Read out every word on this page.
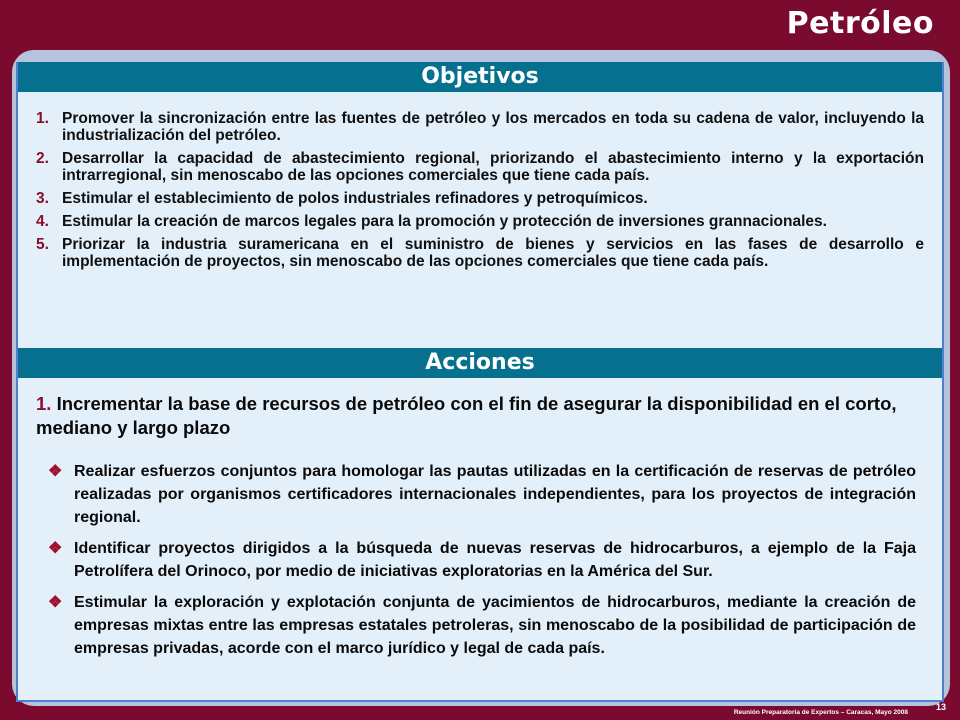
Petróleo
Objetivos
1. Promover la sincronización entre las fuentes de petróleo y los mercados en toda su cadena de valor, incluyendo la industrialización del petróleo.
2. Desarrollar la capacidad de abastecimiento regional, priorizando el abastecimiento interno y la exportación intrarregional, sin menoscabo de las opciones comerciales que tiene cada país.
3. Estimular el establecimiento de polos industriales refinadores y petroquímicos.
4. Estimular la creación de marcos legales para la promoción y protección de inversiones grannacionales.
5. Priorizar la industria suramericana en el suministro de bienes y servicios en las fases de desarrollo e implementación de proyectos, sin menoscabo de las opciones comerciales que tiene cada país.
Acciones
1. Incrementar la base de recursos de petróleo con el fin de asegurar la disponibilidad en el corto, mediano y largo plazo
❖ Realizar esfuerzos conjuntos para homologar las pautas utilizadas en la certificación de reservas de petróleo realizadas por organismos certificadores internacionales independientes, para los proyectos de integración regional.
❖ Identificar proyectos dirigidos a la búsqueda de nuevas reservas de hidrocarburos, a ejemplo de la Faja Petrolífera del Orinoco, por medio de iniciativas exploratorias en la América del Sur.
❖ Estimular la exploración y explotación conjunta de yacimientos de hidrocarburos, mediante la creación de empresas mixtas entre las empresas estatales petroleras, sin menoscabo de la posibilidad de participación de empresas privadas, acorde con el marco jurídico y legal de cada país.
Reunión Preparatoria de Expertos – Caracas, Mayo 2008
13
